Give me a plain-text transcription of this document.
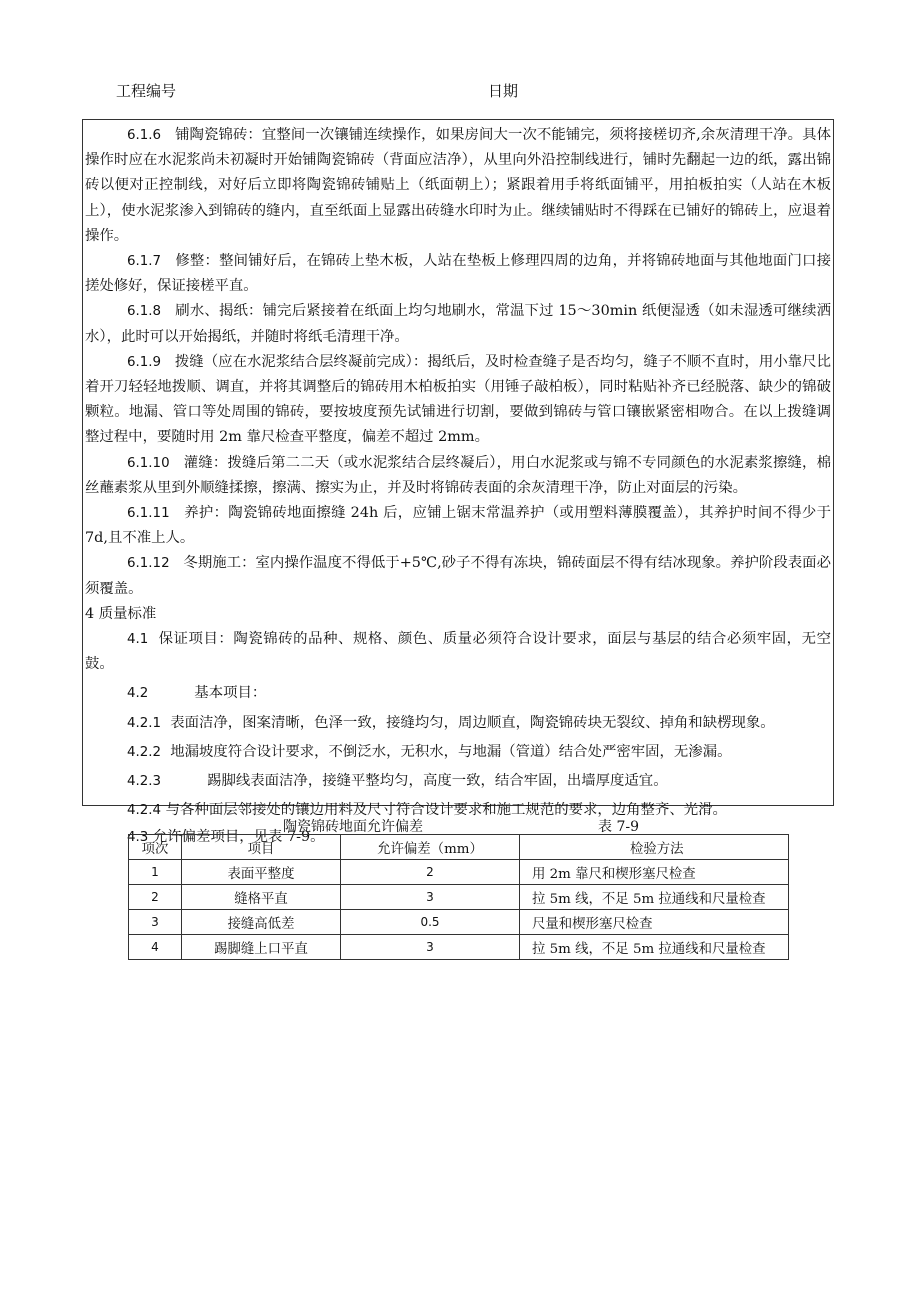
工程编号	日期

6.1.6 铺陶瓷锦砖：宜整间一次镶铺连续操作，如果房间大一次不能铺完，须将接槎切齐,余灰清理干净。具体操作时应在水泥浆尚未初凝时开始铺陶瓷锦砖（背面应洁净），从里向外沿控制线进行，铺时先翻起一边的纸，露出锦砖以便对正控制线，对好后立即将陶瓷锦砖铺贴上（纸面朝上）；紧跟着用手将纸面铺平，用拍板拍实（人站在木板上），使水泥浆渗入到锦砖的缝内，直至纸面上显露出砖缝水印时为止。继续铺贴时不得踩在已铺好的锦砖上，应退着操作。

6.1.7 修整：整间铺好后，在锦砖上垫木板，人站在垫板上修理四周的边角，并将锦砖地面与其他地面门口接搓处修好，保证接槎平直。

6.1.8 刷水、揭纸：铺完后紧接着在纸面上均匀地刷水，常温下过 15～30min 纸便湿透（如未湿透可继续洒水），此时可以开始揭纸，并随时将纸毛清理干净。

6.1.9 拨缝（应在水泥浆结合层终凝前完成）：揭纸后，及时检查缝子是否均匀，缝子不顺不直时，用小靠尺比着开刀轻轻地拨顺、调直，并将其调整后的锦砖用木柏板拍实（用锤子敲柏板），同时粘贴补齐已经脱落、缺少的锦破颗粒。地漏、管口等处周围的锦砖，要按坡度预先试铺进行切割，要做到锦砖与管口镶嵌紧密相吻合。在以上拨缝调整过程中，要随时用 2m 靠尺检查平整度，偏差不超过 2mm。

6.1.10 灌缝：拨缝后第二二天（或水泥浆结合层终凝后），用白水泥浆或与锦不专同颜色的水泥素浆擦缝，棉丝蘸素浆从里到外顺缝揉擦，擦满、擦实为止，并及时将锦砖表面的余灰清理干净，防止对面层的污染。

6.1.11 养护：陶瓷锦砖地面擦缝 24h 后，应铺上锯末常温养护（或用塑料薄膜覆盖），其养护时间不得少于 7d,且不准上人。

6.1.12 冬期施工：室内操作温度不得低于+5℃,砂子不得有冻块，锦砖面层不得有结冰现象。养护阶段表面必须覆盖。

4 质量标准

4.1 保证项目：陶瓷锦砖的品种、规格、颜色、质量必须符合设计要求，面层与基层的结合必须牢固，无空鼓。

4.2	基本项目：

4.2.1 表面洁净，图案清晰，色泽一致，接缝均匀，周边顺直，陶瓷锦砖块无裂纹、掉角和缺楞现象。

4.2.2 地漏坡度符合设计要求，不倒泛水，无积水，与地漏（管道）结合处严密牢固，无渗漏。

4.2.3	踢脚线表面洁净，接缝平整均匀，高度一致，结合牢固，出墙厚度适宜。

4.2.4 与各种面层邻接处的镶边用料及尺寸符合设计要求和施工规范的要求，边角整齐、光滑。

4.3 允许偏差项目，见表 7-9。

陶瓷锦砖地面允许偏差	表 7-9
项次	项目	允许偏差（mm）	检验方法
1	表面平整度	2	用 2m 靠尺和楔形塞尺检查
2	缝格平直	3	拉 5m 线，不足 5m 拉通线和尺量检查
3	接缝高低差	0.5	尺量和楔形塞尺检查
4	踢脚缝上口平直	3	拉 5m 线，不足 5m 拉通线和尺量检查
